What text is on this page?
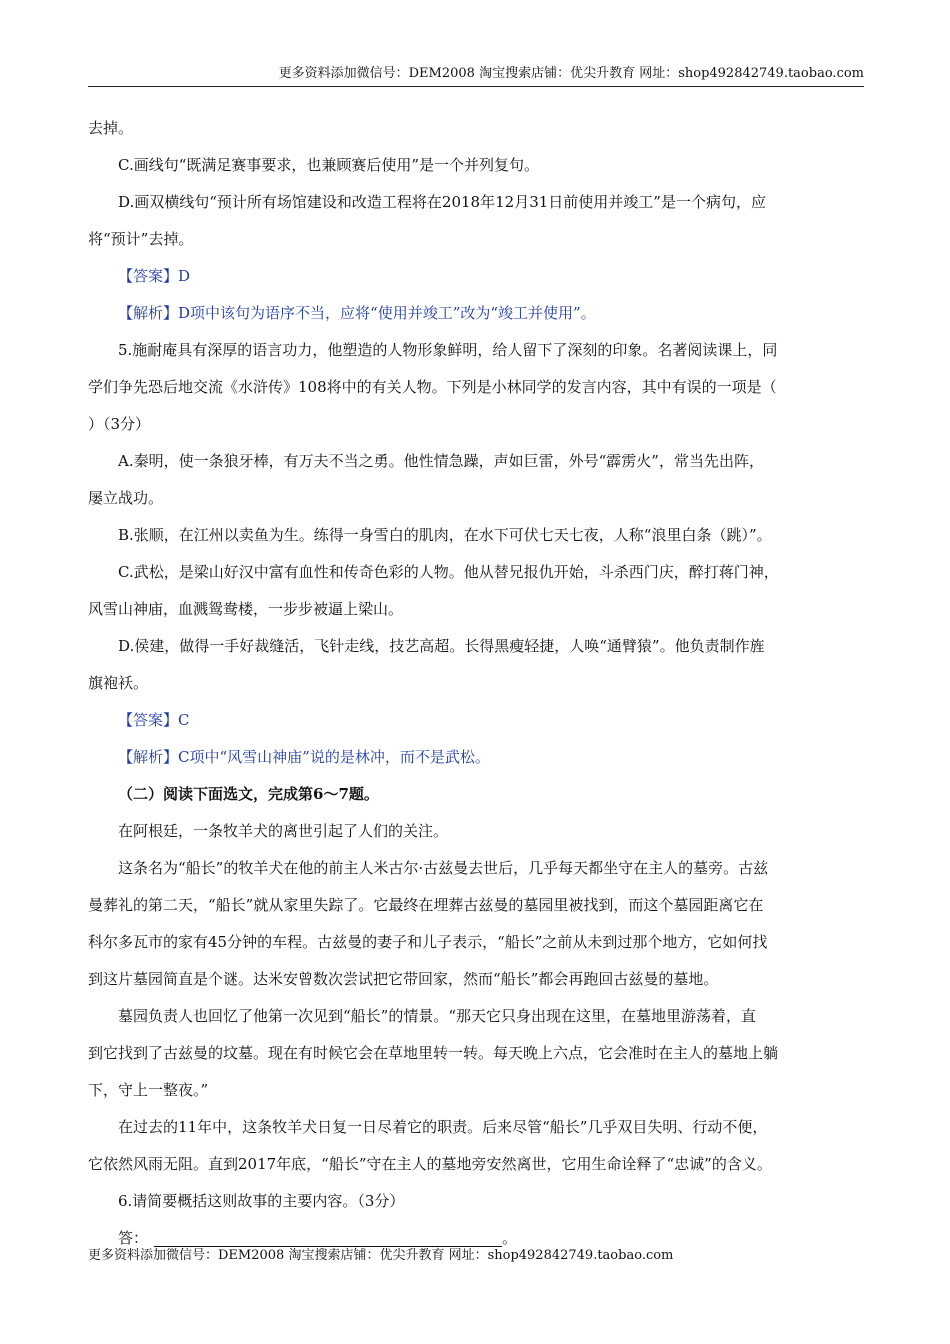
更多资料添加微信号：DEM2008 淘宝搜索店铺：优尖升教育 网址：shop492842749.taobao.com

去掉。

C.画线句“既满足赛事要求，也兼顾赛后使用”是一个并列复句。

D.画双横线句“预计所有场馆建设和改造工程将在2018年12月31日前使用并竣工”是一个病句，应

将“预计”去掉。

【答案】D

【解析】D项中该句为语序不当，应将“使用并竣工”改为“竣工并使用”。

5.施耐庵具有深厚的语言功力，他塑造的人物形象鲜明，给人留下了深刻的印象。名著阅读课上，同

学们争先恐后地交流《水浒传》108将中的有关人物。下列是小林同学的发言内容，其中有误的一项是（

）（3分）

A.秦明，使一条狼牙棒，有万夫不当之勇。他性情急躁，声如巨雷，外号“霹雳火”，常当先出阵，

屡立战功。

B.张顺，在江州以卖鱼为生。练得一身雪白的肌肉，在水下可伏七天七夜，人称“浪里白条（跳）”。

C.武松，是梁山好汉中富有血性和传奇色彩的人物。他从替兄报仇开始，斗杀西门庆，醉打蒋门神，

风雪山神庙，血溅鸳鸯楼，一步步被逼上梁山。

D.侯建，做得一手好裁缝活，飞针走线，技艺高超。长得黑瘦轻捷，人唤“通臂猿”。他负责制作旌

旗袍袄。

【答案】C

【解析】C项中“风雪山神庙”说的是林冲，而不是武松。

（二）阅读下面选文，完成第6～7题。

在阿根廷，一条牧羊犬的离世引起了人们的关注。

这条名为“船长”的牧羊犬在他的前主人米古尔·古兹曼去世后，几乎每天都坐守在主人的墓旁。古兹

曼葬礼的第二天，“船长”就从家里失踪了。它最终在埋葬古兹曼的墓园里被找到，而这个墓园距离它在

科尔多瓦市的家有45分钟的车程。古兹曼的妻子和儿子表示，“船长”之前从未到过那个地方，它如何找

到这片墓园简直是个谜。达米安曾数次尝试把它带回家，然而“船长”都会再跑回古兹曼的墓地。

墓园负责人也回忆了他第一次见到“船长”的情景。“那天它只身出现在这里，在墓地里游荡着，直

到它找到了古兹曼的坟墓。现在有时候它会在草地里转一转。每天晚上六点，它会准时在主人的墓地上躺

下，守上一整夜。”

在过去的11年中，这条牧羊犬日复一日尽着它的职责。后来尽管“船长”几乎双目失明、行动不便，

它依然风雨无阻。直到2017年底，“船长”守在主人的墓地旁安然离世，它用生命诠释了“忠诚”的含义。

6.请简要概括这则故事的主要内容。（3分）

答：	。

更多资料添加微信号：DEM2008 淘宝搜索店铺：优尖升教育 网址：shop492842749.taobao.com
